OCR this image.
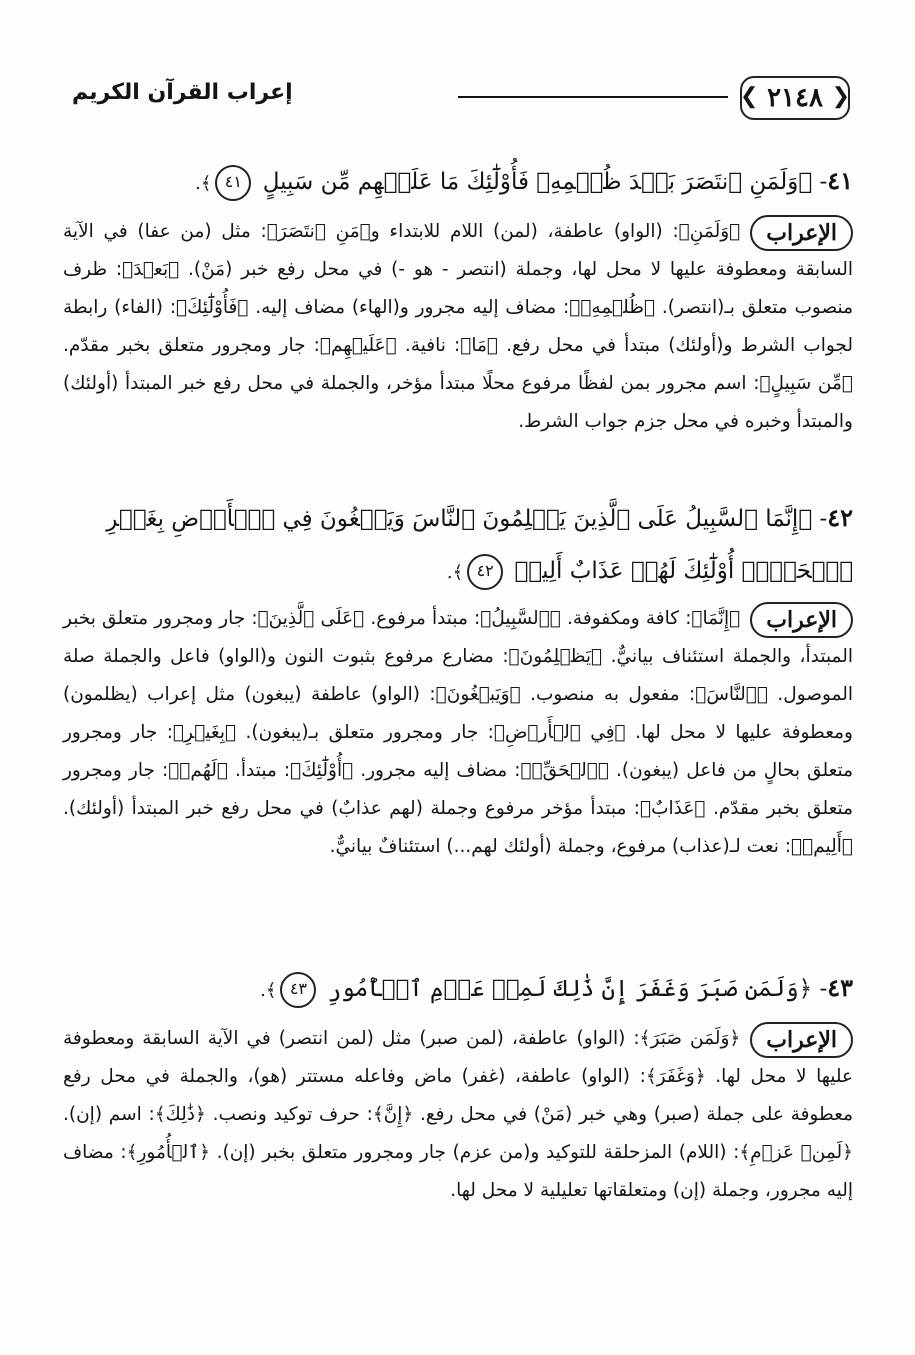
❮ ٢١٤٨ ❯
إعراب القرآن الكريم
٤١- ﴿وَلَمَنِ ٱنتَصَرَ بَعۡدَ ظُلۡمِهِۦ فَأُوْلَٰٓئِكَ مَا عَلَيۡهِم مِّن سَبِيلٍ ٤١﴾.
الإعراب
﴿وَلَمَنِ﴾: (الواو) عاطفة، (لمن) اللام للابتداء و﴿مَنِ ٱنتَصَرَ﴾: مثل (من عفا) في الآية السابقة ومعطوفة عليها لا محل لها، وجملة (انتصر - هو -) في محل رفع خبر (مَنْ). ﴿بَعۡدَ﴾: ظرف منصوب متعلق بـ(انتصر). ﴿ظُلۡمِهِۦ﴾: مضاف إليه مجرور و(الهاء) مضاف إليه. ﴿فَأُوْلَٰٓئِكَ﴾: (الفاء) رابطة لجواب الشرط و(أولئك) مبتدأ في محل رفع. ﴿مَا﴾: نافية. ﴿عَلَيۡهِم﴾: جار ومجرور متعلق بخبر مقدّم. ﴿مِّن سَبِيلٍ﴾: اسم مجرور بمن لفظًا مرفوع محلًا مبتدأ مؤخر، والجملة في محل رفع خبر المبتدأ (أولئك) والمبتدأ وخبره في محل جزم جواب الشرط.
٤٢- ﴿إِنَّمَا ٱلسَّبِيلُ عَلَى ٱلَّذِينَ يَظۡلِمُونَ ٱلنَّاسَ وَيَبۡغُونَ فِي ٱلۡأَرۡضِ بِغَيۡرِ ٱلۡحَقِّۚ أُوْلَٰٓئِكَ لَهُمۡ عَذَابٌ أَلِيمٞ ٤٢﴾.
الإعراب
﴿إِنَّمَا﴾: كافة ومكفوفة. ﴿ٱلسَّبِيلُ﴾: مبتدأ مرفوع. ﴿عَلَى ٱلَّذِينَ﴾: جار ومجرور متعلق بخبر المبتدأ، والجملة استئناف بيانيٌّ. ﴿يَظۡلِمُونَ﴾: مضارع مرفوع بثبوت النون و(الواو) فاعل والجملة صلة الموصول. ﴿ٱلنَّاسَ﴾: مفعول به منصوب. ﴿وَيَبۡغُونَ﴾: (الواو) عاطفة (يبغون) مثل إعراب (يظلمون) ومعطوفة عليها لا محل لها. ﴿فِي ٱلۡأَرۡضِ﴾: جار ومجرور متعلق بـ(يبغون). ﴿بِغَيۡرِ﴾: جار ومجرور متعلق بحالٍ من فاعل (يبغون). ﴿ٱلۡحَقِّۚ﴾: مضاف إليه مجرور. ﴿أُوْلَٰٓئِكَ﴾: مبتدأ. ﴿لَهُمۡ﴾: جار ومجرور متعلق بخبر مقدّم. ﴿عَذَابٌ﴾: مبتدأ مؤخر مرفوع وجملة (لهم عذابٌ) في محل رفع خبر المبتدأ (أولئك). ﴿أَلِيمٞ﴾: نعت لـ(عذاب) مرفوع، وجملة (أولئك لهم...) استئنافٌ بيانيٌّ.
٤٣- ﴿وَلَمَن صَبَرَ وَغَفَرَ إِنَّ ذَٰلِكَ لَمِنۡ عَزۡمِ ٱلۡأُمُورِ ٤٣﴾.
الإعراب
﴿وَلَمَن صَبَرَ﴾: (الواو) عاطفة، (لمن صبر) مثل (لمن انتصر) في الآية السابقة ومعطوفة عليها لا محل لها. ﴿وَغَفَرَ﴾: (الواو) عاطفة، (غفر) ماض وفاعله مستتر (هو)، والجملة في محل رفع معطوفة على جملة (صبر) وهي خبر (مَنْ) في محل رفع. ﴿إِنَّ﴾: حرف توكيد ونصب. ﴿ذَٰلِكَ﴾: اسم (إن). ﴿لَمِنۡ عَزۡمِ﴾: (اللام) المزحلقة للتوكيد و(من عزم) جار ومجرور متعلق بخبر (إن). ﴿ٱلۡأُمُورِ﴾: مضاف إليه مجرور، وجملة (إن) ومتعلقاتها تعليلية لا محل لها.
